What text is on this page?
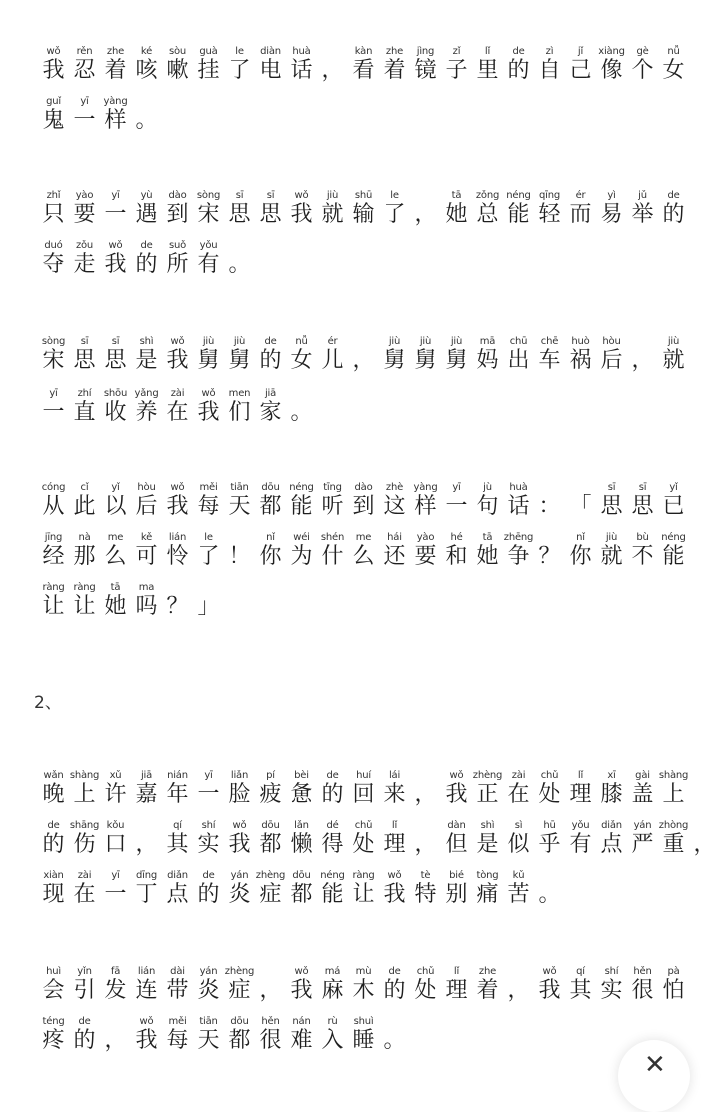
wǒ
我
rěn
忍
zhe
着
ké
咳
sòu
嗽
guà
挂
le
了
diàn
电
huà
话 ，
kàn
看
zhe
着
jìng
镜
zǐ
子
lǐ
里
de
的
zì
自
jǐ
己
xiàng
像
gè
个
nǚ
女
guǐ
鬼
yī
一
yàng
样 。
zhǐ
只
yào
要
yī
一
yù
遇
dào
到
sòng
宋
sī
思
sī
思
wǒ
我
jiù
就
shū
输
le
了 ，
tā
她
zǒng
总
néng
能
qīng
轻
ér
而
yì
易
jǔ
举
de
的
duó
夺
zǒu
走
wǒ
我
de
的
suǒ
所
yǒu
有 。
sòng
宋
sī
思
sī
思
shì
是
wǒ
我
jiù
舅
jiù
舅
de
的
nǚ
女
ér
儿 ，
jiù
舅
jiù
舅
jiù
舅
mā
妈
chū
出
chē
车
huò
祸
hòu
后 ，
jiù
就
yī
一
zhí
直
shōu
收
yǎng
养
zài
在
wǒ
我
men
们
jiā
家 。
cóng
从
cǐ
此
yǐ
以
hòu
后
wǒ
我
měi
每
tiān
天
dōu
都
néng
能
tīng
听
dào
到
zhè
这
yàng
样
yī
一
jù
句
huà
话 ： 「
sī
思
sī
思
yǐ
已
jīng
经
nà
那
me
么
kě
可
lián
怜
le
了 ！
nǐ
你
wéi
为
shén
什
me
么
hái
还
yào
要
hé
和
tā
她
zhēng
争 ？
nǐ
你
jiù
就
bù
不
néng
能
ràng
让
ràng
让
tā
她
ma
吗 ？ 」
wǎn
晚
shàng
上
xǔ
许
jiā
嘉
nián
年
yī
一
liǎn
脸
pí
疲
bèi
惫
de
的
huí
回
lái
来 ，
wǒ
我
zhèng
正
zài
在
chǔ
处
lǐ
理
xī
膝
gài
盖
shàng
上
de
的
shāng
伤
kǒu
口 ，
qí
其
shí
实
wǒ
我
dōu
都
lǎn
懒
dé
得
chǔ
处
lǐ
理 ，
dàn
但
shì
是
sì
似
hū
乎
yǒu
有
diǎn
点
yán
严
zhòng
重 ，
xiàn
现
zài
在
yī
一
dīng
丁
diǎn
点
de
的
yán
炎
zhèng
症
dōu
都
néng
能
ràng
让
wǒ
我
tè
特
bié
别
tòng
痛
kǔ
苦 。
huì
会
yǐn
引
fā
发
lián
连
dài
带
yán
炎
zhèng
症 ，
wǒ
我
má
麻
mù
木
de
的
chǔ
处
lǐ
理
zhe
着 ，
wǒ
我
qí
其
shí
实
hěn
很
pà
怕
téng
疼
de
的 ，
wǒ
我
měi
每
tiān
天
dōu
都
hěn
很
nán
难
rù
入
shuì
睡 。
2、
✕
